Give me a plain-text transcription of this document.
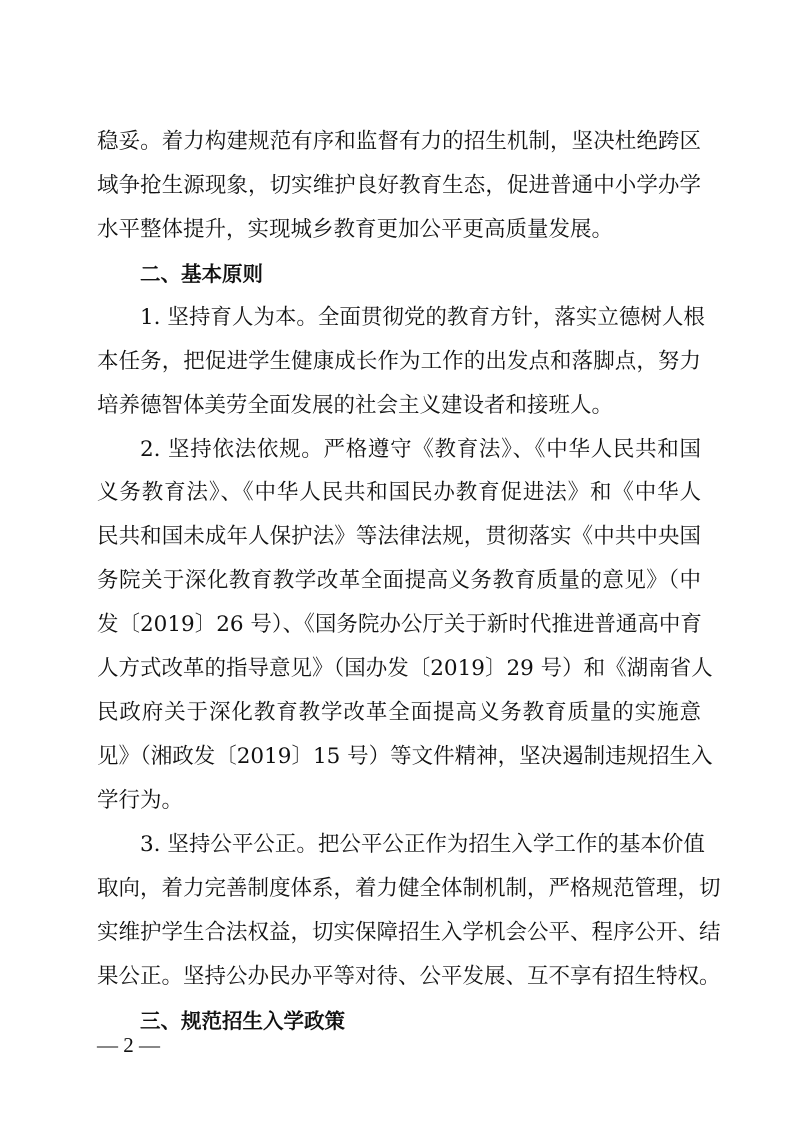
稳妥。着力构建规范有序和监督有力的招生机制，坚决杜绝跨区
域争抢生源现象，切实维护良好教育生态，促进普通中小学办学
水平整体提升，实现城乡教育更加公平更高质量发展。
二、基本原则
1. 坚持育人为本。全面贯彻党的教育方针，落实立德树人根
本任务，把促进学生健康成长作为工作的出发点和落脚点，努力
培养德智体美劳全面发展的社会主义建设者和接班人。
2. 坚持依法依规。严格遵守《教育法》、《中华人民共和国
义务教育法》、《中华人民共和国民办教育促进法》和《中华人
民共和国未成年人保护法》等法律法规，贯彻落实《中共中央国
务院关于深化教育教学改革全面提高义务教育质量的意见》（中
发〔2019〕26 号）、《国务院办公厅关于新时代推进普通高中育
人方式改革的指导意见》（国办发〔2019〕29 号）和《湖南省人
民政府关于深化教育教学改革全面提高义务教育质量的实施意
见》（湘政发〔2019〕15 号）等文件精神，坚决遏制违规招生入
学行为。
3. 坚持公平公正。把公平公正作为招生入学工作的基本价值
取向，着力完善制度体系，着力健全体制机制，严格规范管理，切
实维护学生合法权益，切实保障招生入学机会公平、程序公开、结
果公正。坚持公办民办平等对待、公平发展、互不享有招生特权。
三、规范招生入学政策
— 2 —
